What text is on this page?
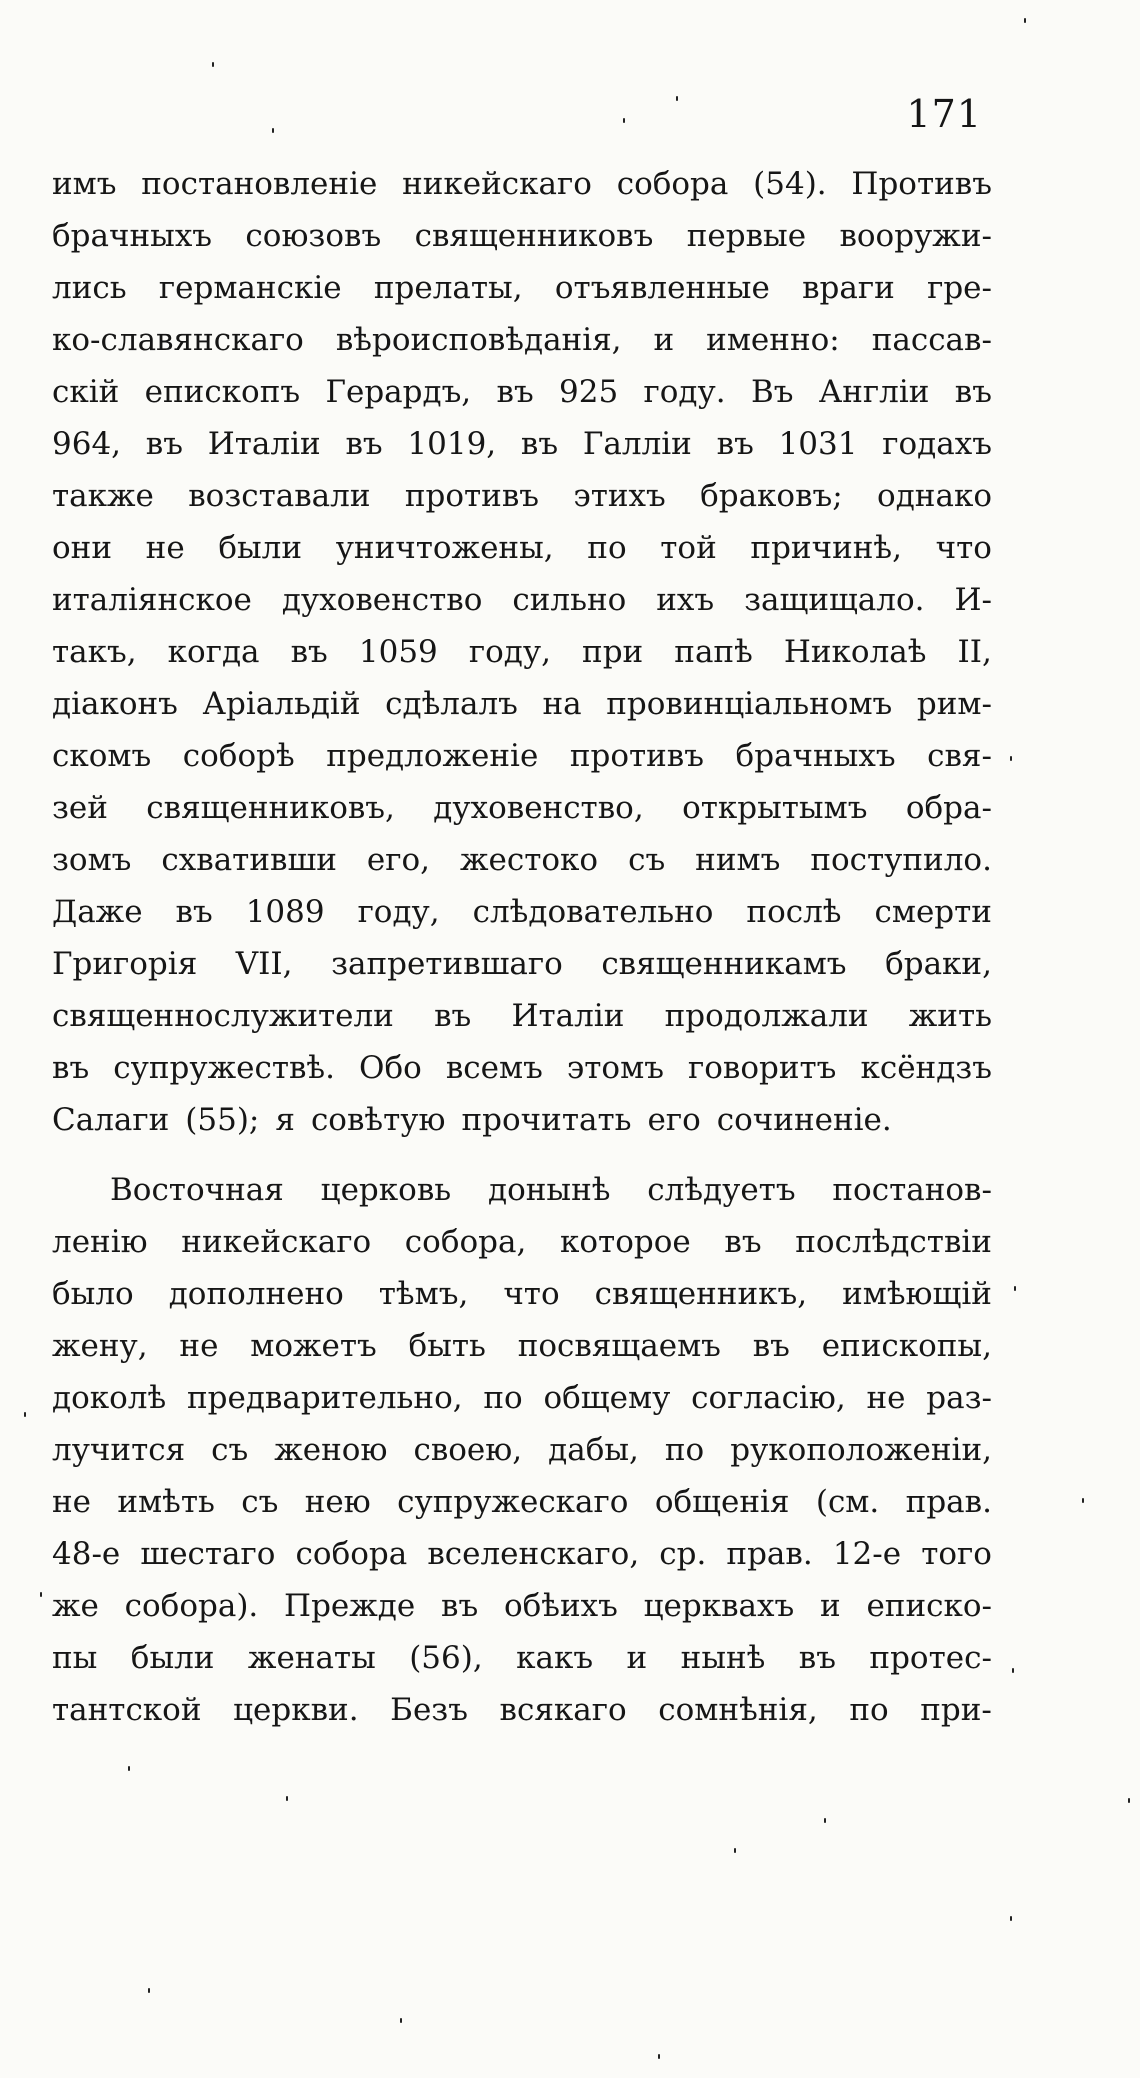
171
имъ постановленіе никейскаго собора (54). Противъ
брачныхъ союзовъ священниковъ первые вооружи-
лись германскіе прелаты, отъявленные враги гре-
ко-славянскаго вѣроисповѣданія, и именно: пассав-
скій епископъ Герардъ, въ 925 году. Въ Англіи въ
964, въ Италіи въ 1019, въ Галліи въ 1031 годахъ
также возставали противъ этихъ браковъ; однако
они не были уничтожены, по той причинѣ, что
италіянское духовенство сильно ихъ защищало. И-
такъ, когда въ 1059 году, при папѣ Николаѣ II,
діаконъ Аріальдій сдѣлалъ на провинціальномъ рим-
скомъ соборѣ предложеніе противъ брачныхъ свя-
зей священниковъ, духовенство, открытымъ обра-
зомъ схвативши его, жестоко съ нимъ поступило.
Даже въ 1089 году, слѣдовательно послѣ смерти
Григорія VII, запретившаго священникамъ браки,
священнослужители въ Италіи продолжали жить
въ супружествѣ. Обо всемъ этомъ говоритъ ксёндзъ
Салаги (55); я совѣтую прочитать его сочиненіе.
Восточная церковь донынѣ слѣдуетъ постанов-
ленію никейскаго собора, которое въ послѣдствіи
было дополнено тѣмъ, что священникъ, имѣющій
жену, не можетъ быть посвящаемъ въ епископы,
доколѣ предварительно, по общему согласію, не раз-
лучится съ женою своею, дабы, по рукоположеніи,
не имѣть съ нею супружескаго общенія (см. прав.
48-е шестаго собора вселенскаго, ср. прав. 12-е того
же собора). Прежде въ обѣихъ церквахъ и еписко-
пы были женаты (56), какъ и нынѣ въ протес-
тантской церкви. Безъ всякаго сомнѣнія, по при-
